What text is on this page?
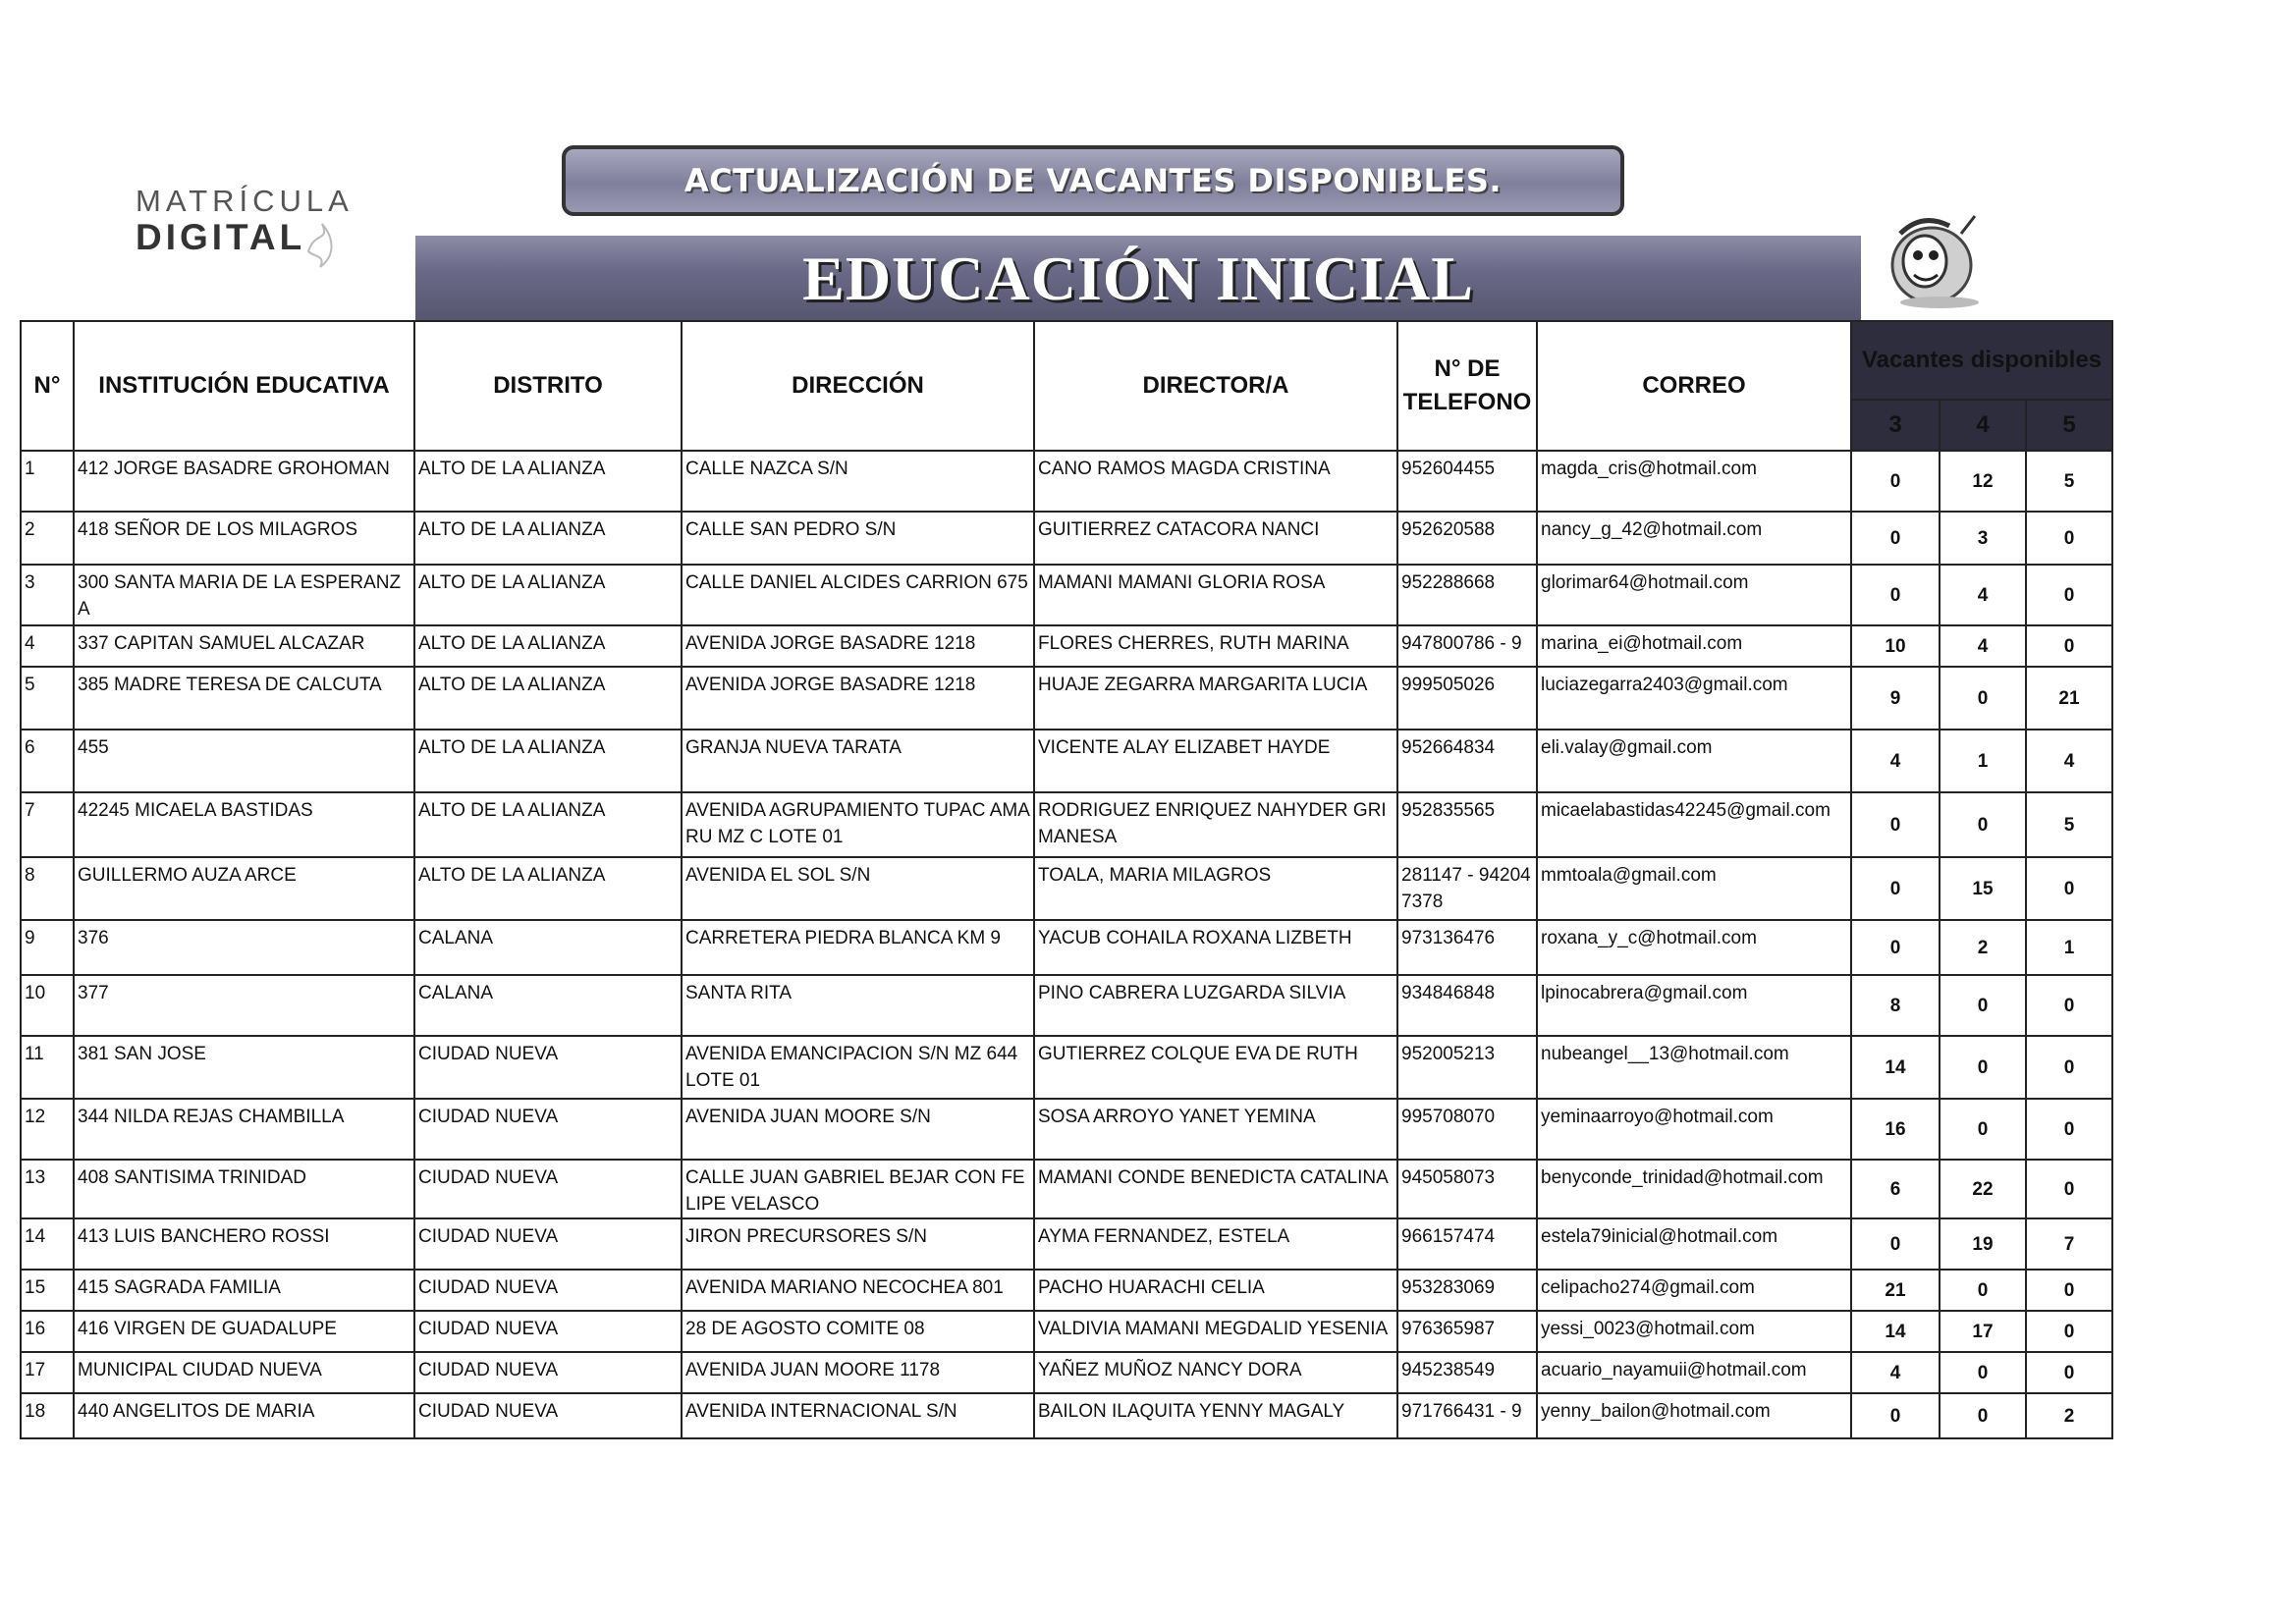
MATRÍCULA
DIGITAL
ACTUALIZACIÓN DE VACANTES DISPONIBLES.
EDUCACIÓN INICIAL
N°	INSTITUCIÓN EDUCATIVA	DISTRITO	DIRECCIÓN	DIRECTOR/A	N° DE TELEFONO	CORREO	Vacantes disponibles		
							3	4	5
1	412 JORGE BASADRE GROHOMAN	ALTO DE LA ALIANZA	CALLE NAZCA S/N	CANO RAMOS MAGDA CRISTINA	952604455	magda_cris@hotmail.com	0	12	5
2	418 SEÑOR DE LOS MILAGROS	ALTO DE LA ALIANZA	CALLE SAN PEDRO S/N	GUITIERREZ CATACORA NANCI	952620588	nancy_g_42@hotmail.com	0	3	0
3	300 SANTA MARIA DE LA ESPERANZA	ALTO DE LA ALIANZA	CALLE DANIEL ALCIDES CARRION 675	MAMANI MAMANI GLORIA ROSA	952288668	glorimar64@hotmail.com	0	4	0
4	337 CAPITAN SAMUEL ALCAZAR	ALTO DE LA ALIANZA	AVENIDA JORGE BASADRE 1218	FLORES CHERRES, RUTH MARINA	947800786 - 9	marina_ei@hotmail.com	10	4	0
5	385 MADRE TERESA DE CALCUTA	ALTO DE LA ALIANZA	AVENIDA JORGE BASADRE 1218	HUAJE ZEGARRA MARGARITA LUCIA	999505026	luciazegarra2403@gmail.com	9	0	21
6	455	ALTO DE LA ALIANZA	GRANJA NUEVA TARATA	VICENTE ALAY ELIZABET HAYDE	952664834	eli.valay@gmail.com	4	1	4
7	42245 MICAELA BASTIDAS	ALTO DE LA ALIANZA	AVENIDA AGRUPAMIENTO TUPAC AMARU MZ C LOTE 01	RODRIGUEZ ENRIQUEZ NAHYDER GRIMANESA	952835565	micaelabastidas42245@gmail.com	0	0	5
8	GUILLERMO AUZA ARCE	ALTO DE LA ALIANZA	AVENIDA EL SOL S/N	TOALA, MARIA MILAGROS	281147 - 942047378	mmtoala@gmail.com	0	15	0
9	376	CALANA	CARRETERA PIEDRA BLANCA KM 9	YACUB COHAILA ROXANA LIZBETH	973136476	roxana_y_c@hotmail.com	0	2	1
10	377	CALANA	SANTA RITA	PINO CABRERA LUZGARDA SILVIA	934846848	lpinocabrera@gmail.com	8	0	0
11	381 SAN JOSE	CIUDAD NUEVA	AVENIDA EMANCIPACION S/N MZ 644 LOTE 01	GUTIERREZ COLQUE EVA DE RUTH	952005213	nubeangel__13@hotmail.com	14	0	0
12	344 NILDA REJAS CHAMBILLA	CIUDAD NUEVA	AVENIDA JUAN MOORE S/N	SOSA ARROYO YANET YEMINA	995708070	yeminaarroyo@hotmail.com	16	0	0
13	408 SANTISIMA TRINIDAD	CIUDAD NUEVA	CALLE JUAN GABRIEL BEJAR CON FELIPE VELASCO	MAMANI CONDE BENEDICTA CATALINA	945058073	benyconde_trinidad@hotmail.com	6	22	0
14	413 LUIS BANCHERO ROSSI	CIUDAD NUEVA	JIRON PRECURSORES S/N	AYMA FERNANDEZ, ESTELA	966157474	estela79inicial@hotmail.com	0	19	7
15	415 SAGRADA FAMILIA	CIUDAD NUEVA	AVENIDA MARIANO NECOCHEA 801	PACHO HUARACHI CELIA	953283069	celipacho274@gmail.com	21	0	0
16	416 VIRGEN DE GUADALUPE	CIUDAD NUEVA	28 DE AGOSTO COMITE 08	VALDIVIA MAMANI MEGDALID YESENIA	976365987	yessi_0023@hotmail.com	14	17	0
17	MUNICIPAL CIUDAD NUEVA	CIUDAD NUEVA	AVENIDA JUAN MOORE 1178	YAÑEZ MUÑOZ NANCY DORA	945238549	acuario_nayamuii@hotmail.com	4	0	0
18	440 ANGELITOS DE MARIA	CIUDAD NUEVA	AVENIDA INTERNACIONAL S/N	BAILON ILAQUITA YENNY MAGALY	971766431 - 9	yenny_bailon@hotmail.com	0	0	2
